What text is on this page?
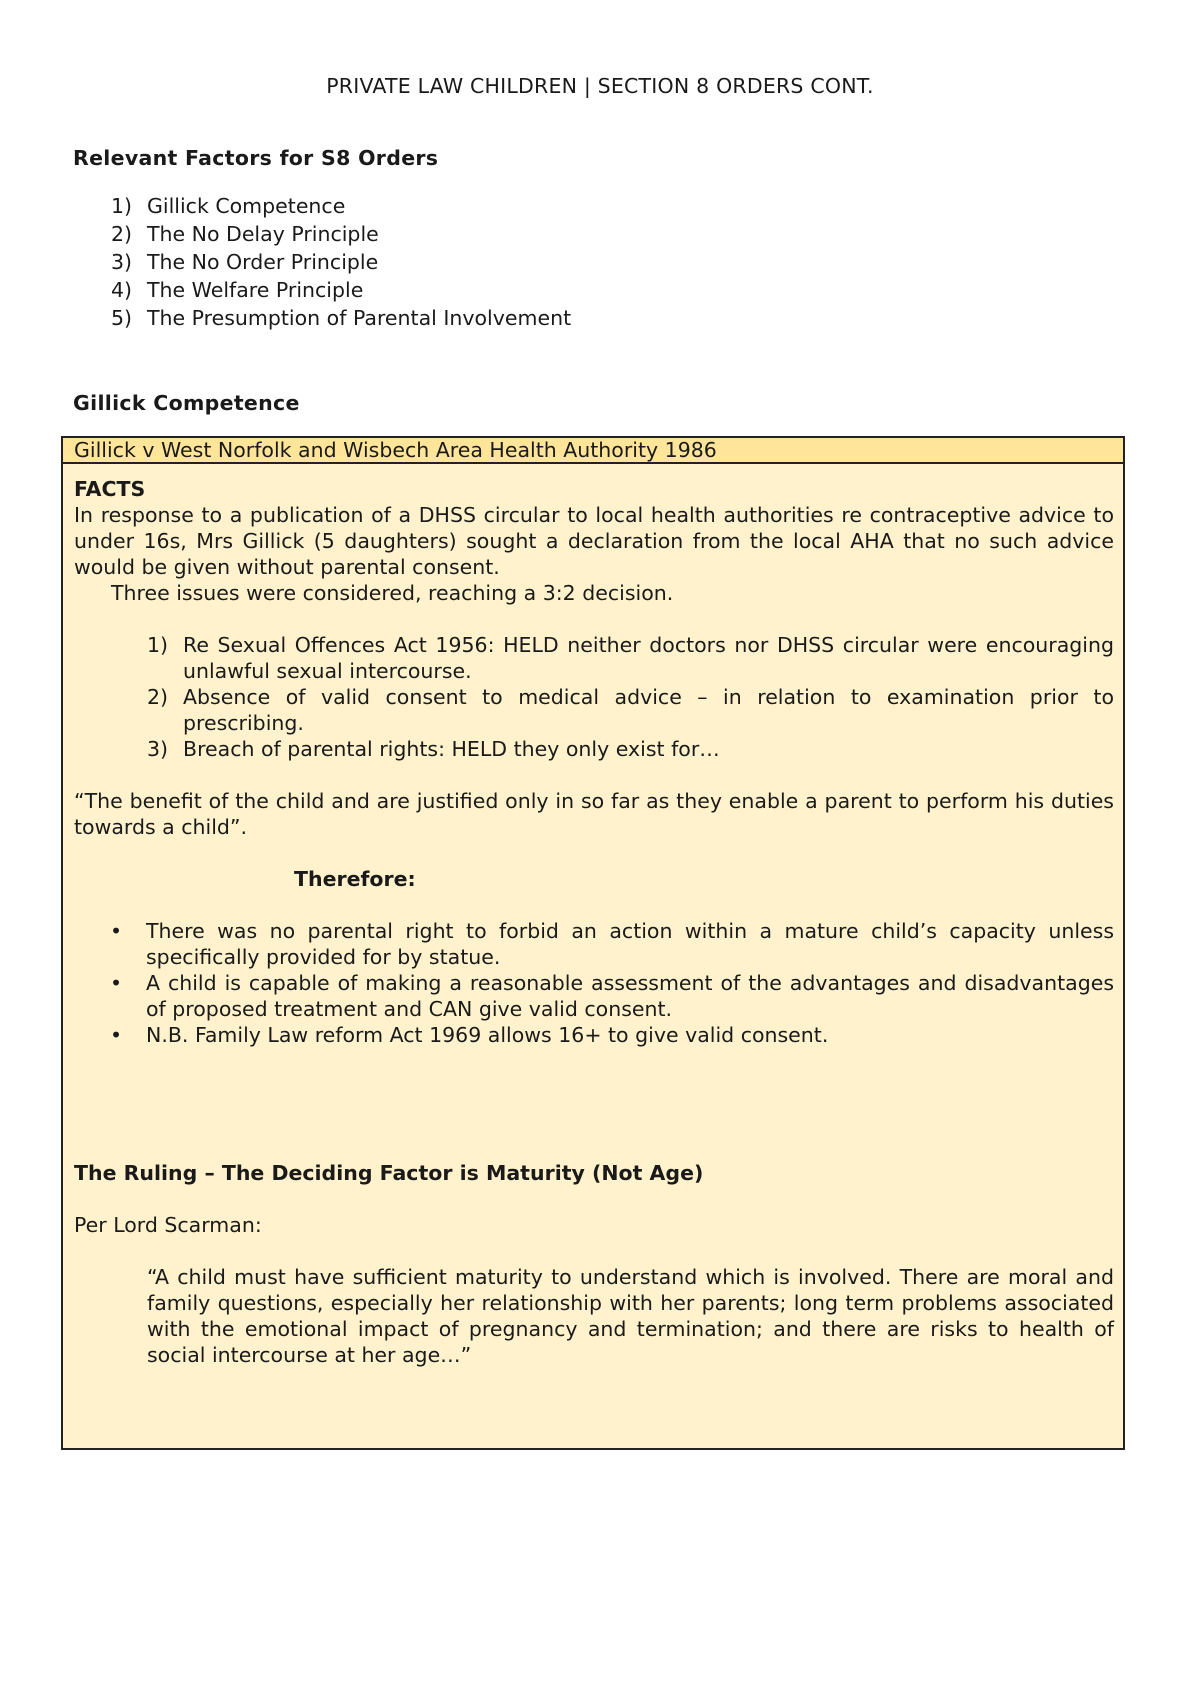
PRIVATE LAW CHILDREN | SECTION 8 ORDERS CONT.
Relevant Factors for S8 Orders
1) Gillick Competence
2) The No Delay Principle
3) The No Order Principle
4) The Welfare Principle
5) The Presumption of Parental Involvement
Gillick Competence
Gillick v West Norfolk and Wisbech Area Health Authority 1986
FACTS
In response to a publication of a DHSS circular to local health authorities re contraceptive advice to under 16s, Mrs Gillick (5 daughters) sought a declaration from the local AHA that no such advice would be given without parental consent.
Three issues were considered, reaching a 3:2 decision.
1) Re Sexual Offences Act 1956: HELD neither doctors nor DHSS circular were encouraging unlawful sexual intercourse.
2) Absence of valid consent to medical advice – in relation to examination prior to prescribing.
3) Breach of parental rights: HELD they only exist for…
“The benefit of the child and are justified only in so far as they enable a parent to perform his duties towards a child”.
Therefore:
•	There was no parental right to forbid an action within a mature child’s capacity unless specifically provided for by statue.
•	A child is capable of making a reasonable assessment of the advantages and disadvantages of proposed treatment and CAN give valid consent.
•	N.B. Family Law reform Act 1969 allows 16+ to give valid consent.
The Ruling – The Deciding Factor is Maturity (Not Age)
Per Lord Scarman:
“A child must have sufficient maturity to understand which is involved. There are moral and family questions, especially her relationship with her parents; long term problems associated with the emotional impact of pregnancy and termination; and there are risks to health of social intercourse at her age…”
